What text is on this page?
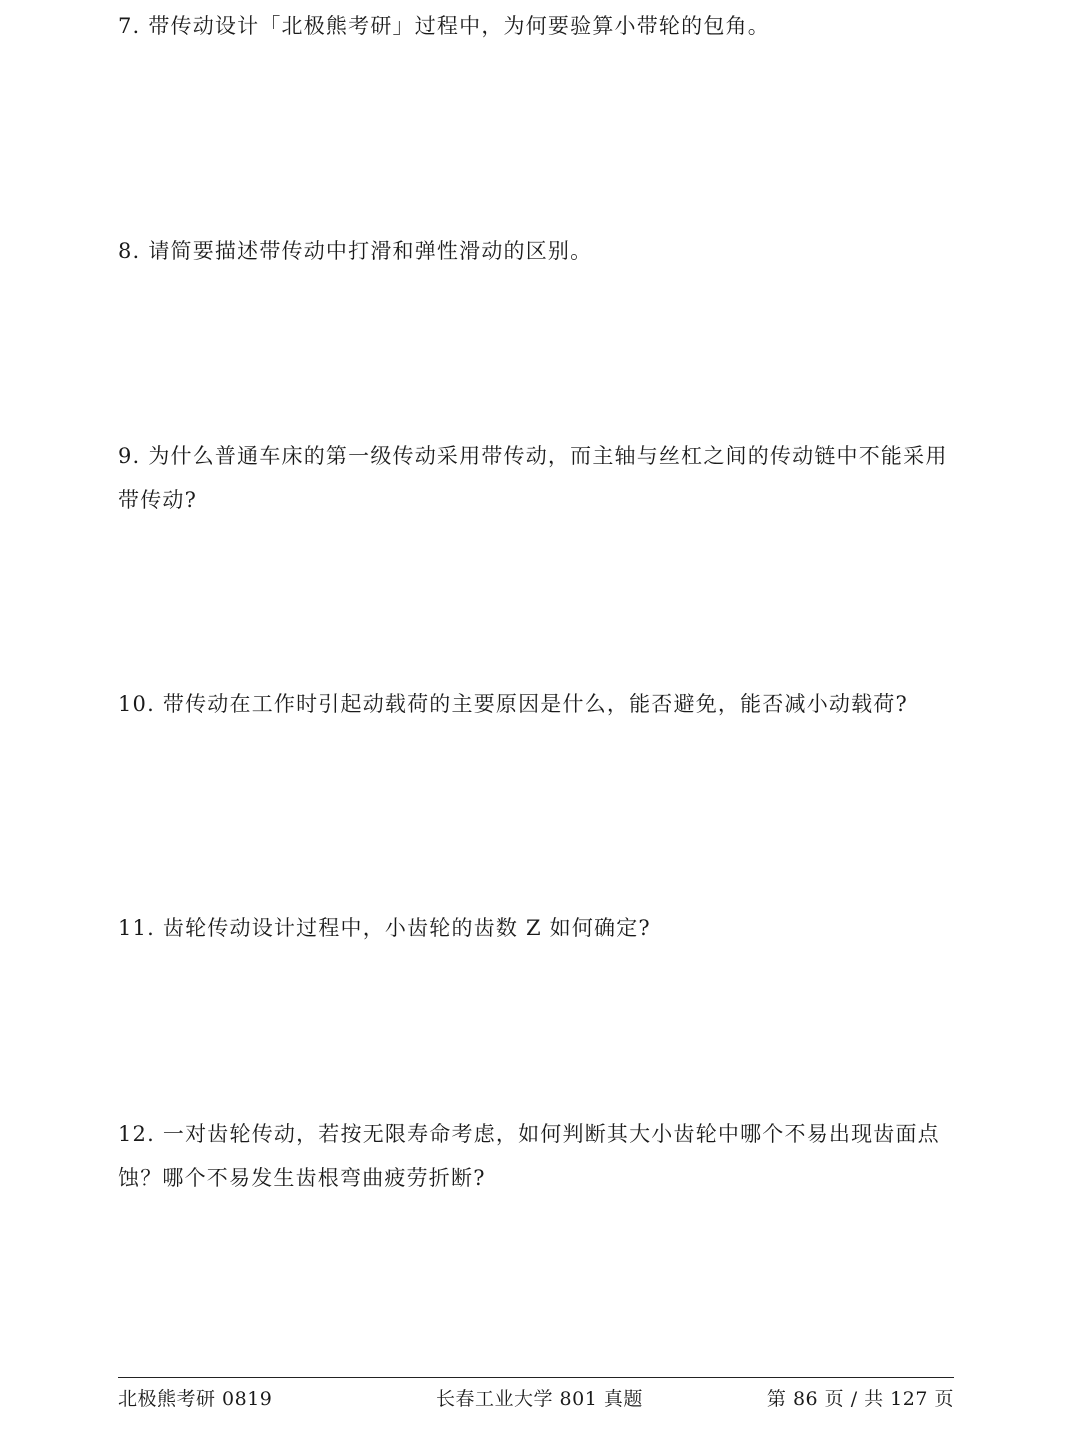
7. 带传动设计「北极熊考研」过程中，为何要验算小带轮的包角。

8. 请简要描述带传动中打滑和弹性滑动的区别。

9. 为什么普通车床的第一级传动采用带传动，而主轴与丝杠之间的传动链中不能采用带传动?

10. 带传动在工作时引起动载荷的主要原因是什么，能否避免，能否减小动载荷?

11. 齿轮传动设计过程中，小齿轮的齿数 Z 如何确定?

12. 一对齿轮传动，若按无限寿命考虑，如何判断其大小齿轮中哪个不易出现齿面点蚀？哪个不易发生齿根弯曲疲劳折断?

北极熊考研 0819	长春工业大学 801 真题	第 86 页 / 共 127 页
